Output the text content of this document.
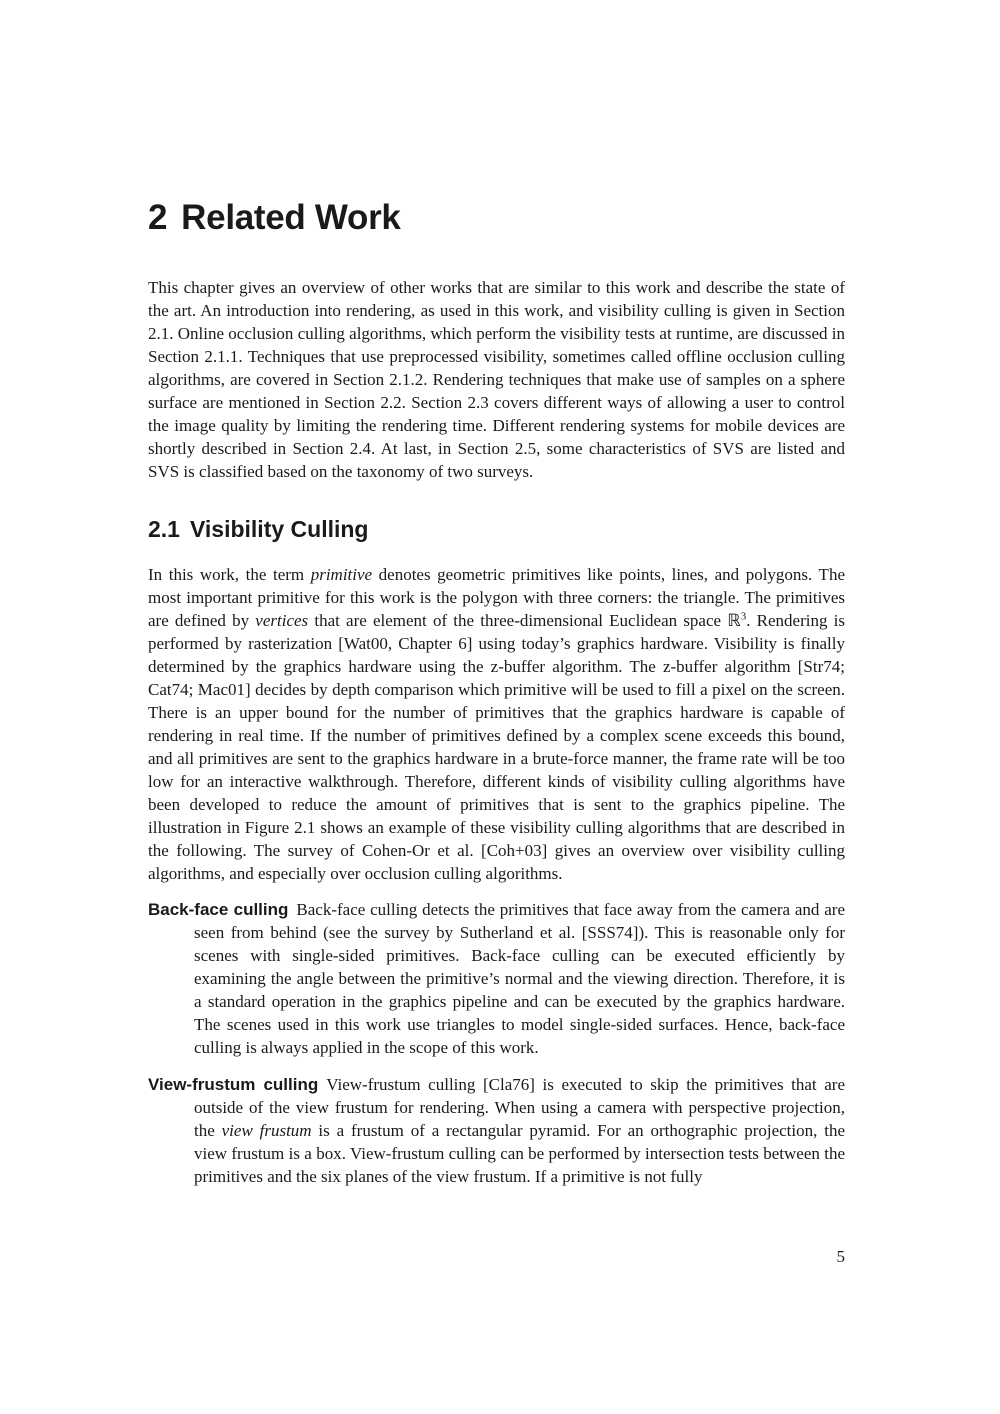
2 Related Work

This chapter gives an overview of other works that are similar to this work and describe the state of the art. An introduction into rendering, as used in this work, and visibility culling is given in Section 2.1. Online occlusion culling algorithms, which perform the visibility tests at runtime, are discussed in Section 2.1.1. Techniques that use preprocessed visibility, sometimes called offline occlusion culling algorithms, are covered in Section 2.1.2. Rendering techniques that make use of samples on a sphere surface are mentioned in Section 2.2. Section 2.3 covers different ways of allowing a user to control the image quality by limiting the rendering time. Different rendering systems for mobile devices are shortly described in Section 2.4. At last, in Section 2.5, some characteristics of SVS are listed and SVS is classified based on the taxonomy of two surveys.

2.1 Visibility Culling

In this work, the term primitive denotes geometric primitives like points, lines, and polygons. The most important primitive for this work is the polygon with three corners: the triangle. The primitives are defined by vertices that are element of the three-dimensional Euclidean space ℝ$^3$. Rendering is performed by rasterization [Wat00, Chapter 6] using today’s graphics hardware. Visibility is finally determined by the graphics hardware using the z-buffer algorithm. The z-buffer algorithm [Str74; Cat74; Mac01] decides by depth comparison which primitive will be used to fill a pixel on the screen. There is an upper bound for the number of primitives that the graphics hardware is capable of rendering in real time. If the number of primitives defined by a complex scene exceeds this bound, and all primitives are sent to the graphics hardware in a brute-force manner, the frame rate will be too low for an interactive walkthrough. Therefore, different kinds of visibility culling algorithms have been developed to reduce the amount of primitives that is sent to the graphics pipeline. The illustration in Figure 2.1 shows an example of these visibility culling algorithms that are described in the following. The survey of Cohen-Or et al. [Coh+03] gives an overview over visibility culling algorithms, and especially over occlusion culling algorithms.

Back-face culling Back-face culling detects the primitives that face away from the camera and are seen from behind (see the survey by Sutherland et al. [SSS74]). This is reasonable only for scenes with single-sided primitives. Back-face culling can be executed efficiently by examining the angle between the primitive’s normal and the viewing direction. Therefore, it is a standard operation in the graphics pipeline and can be executed by the graphics hardware. The scenes used in this work use triangles to model single-sided surfaces. Hence, back-face culling is always applied in the scope of this work.

View-frustum culling View-frustum culling [Cla76] is executed to skip the primitives that are outside of the view frustum for rendering. When using a camera with perspective projection, the view frustum is a frustum of a rectangular pyramid. For an orthographic projection, the view frustum is a box. View-frustum culling can be performed by intersection tests between the primitives and the six planes of the view frustum. If a primitive is not fully

5
